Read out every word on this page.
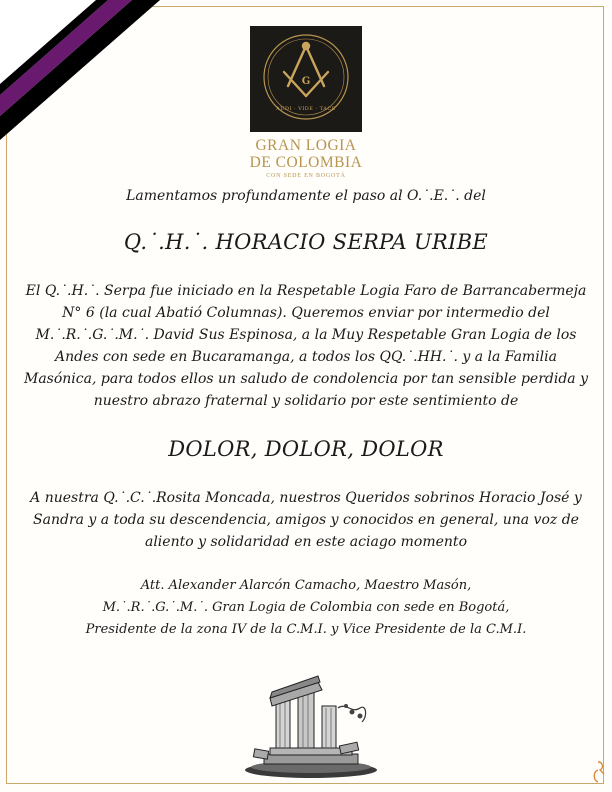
G
AUDI · VIDE · TACE
GRAN LOGIA
DE COLOMBIA
CON SEDE EN BOGOTÁ
Lamentamos profundamente el paso al O.˙.E.˙. del
Q.˙.H.˙. HORACIO SERPA URIBE
El Q.˙.H.˙. Serpa fue iniciado en la Respetable Logia Faro de Barrancabermeja
N° 6 (la cual Abatió Columnas). Queremos enviar por intermedio del
M.˙.R.˙.G.˙.M.˙. David Sus Espinosa, a la Muy Respetable Gran Logia de los
Andes con sede en Bucaramanga, a todos los QQ.˙.HH.˙. y a la Familia
Masónica, para todos ellos un saludo de condolencia por tan sensible perdida y
nuestro abrazo fraternal y solidario por este sentimiento de
DOLOR, DOLOR, DOLOR
A nuestra Q.˙.C.˙.Rosita Moncada, nuestros Queridos sobrinos Horacio José y
Sandra y a toda su descendencia, amigos y conocidos en general, una voz de
aliento y solidaridad en este aciago momento
Att. Alexander Alarcón Camacho, Maestro Masón,
M.˙.R.˙.G.˙.M.˙. Gran Logia de Colombia con sede en Bogotá,
Presidente de la zona IV de la C.M.I. y Vice Presidente de la C.M.I.
